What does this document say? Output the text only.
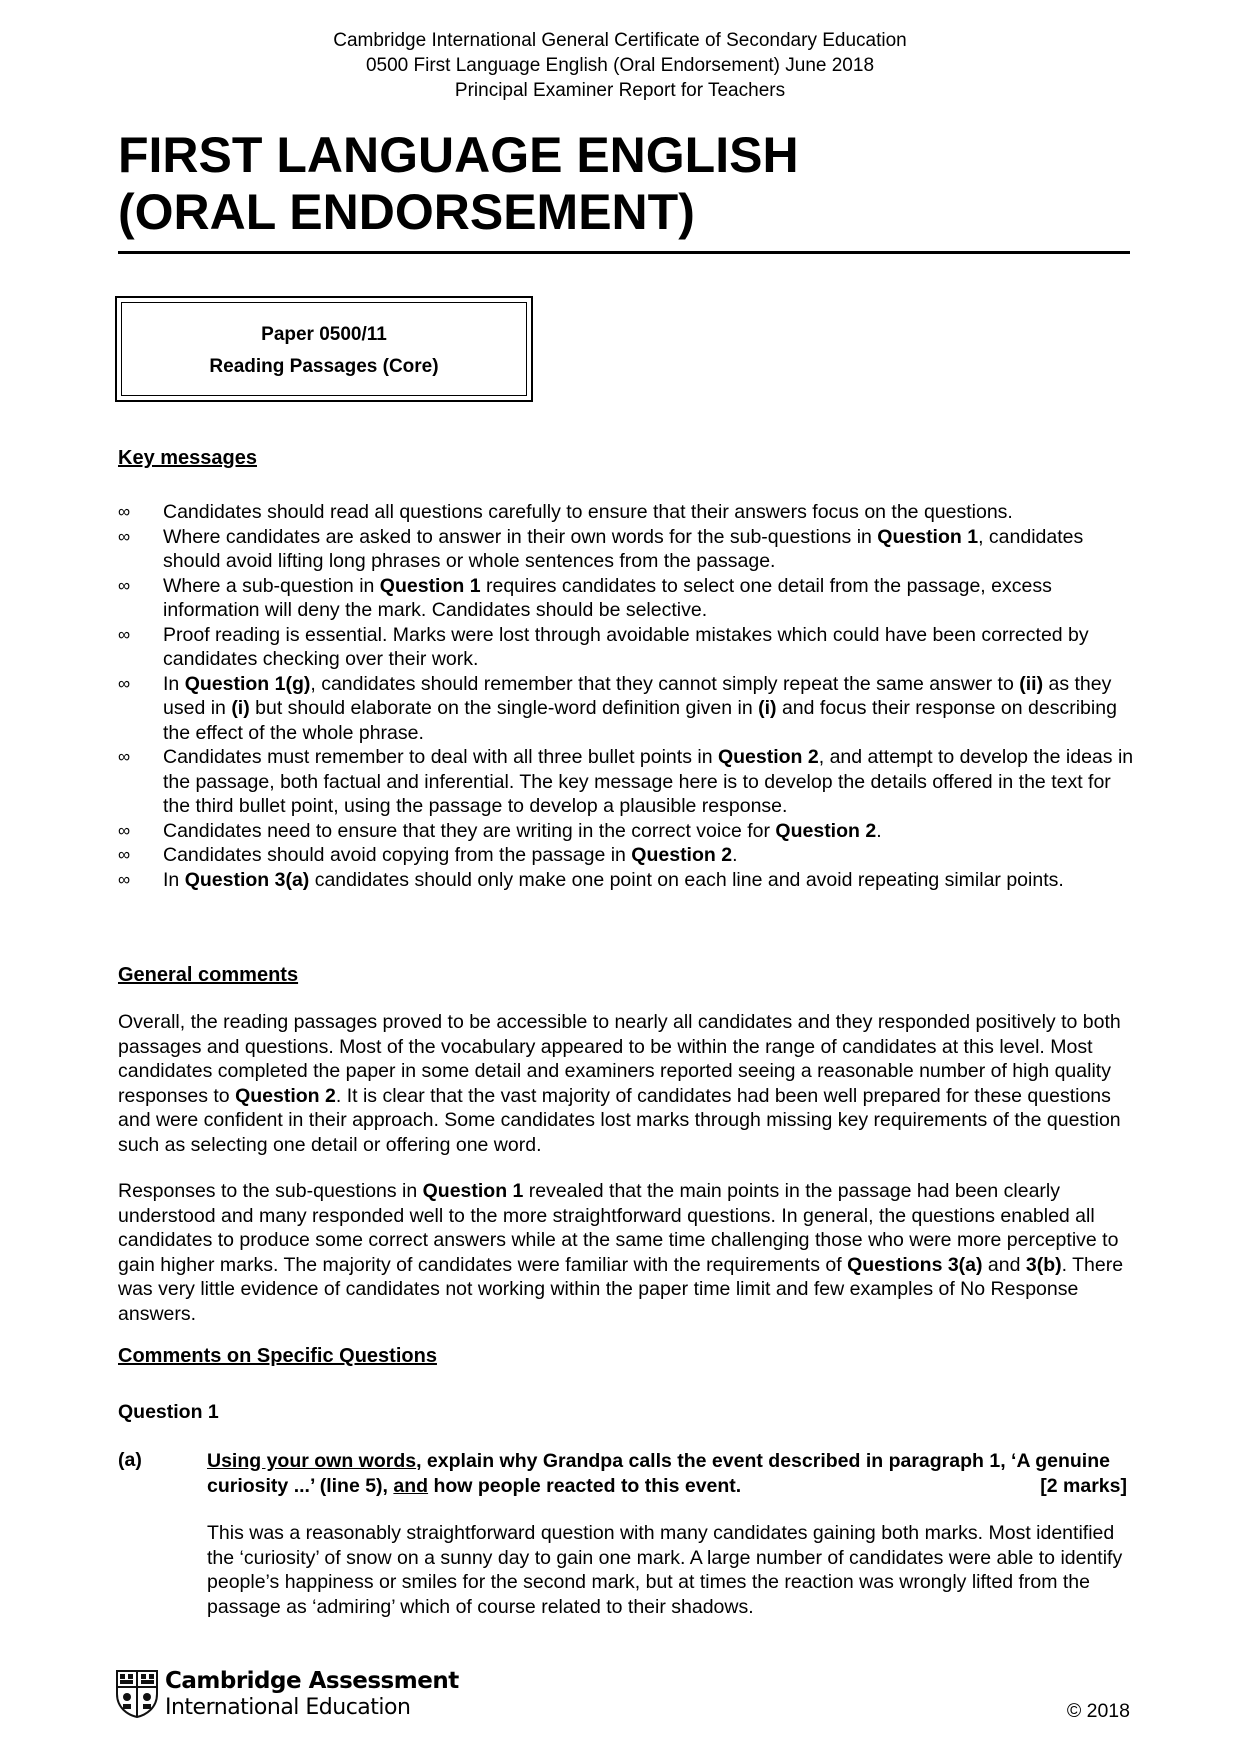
Cambridge International General Certificate of Secondary Education
0500 First Language English (Oral Endorsement) June 2018
Principal Examiner Report for Teachers
FIRST LANGUAGE ENGLISH
(ORAL ENDORSEMENT)
Paper 0500/11
Reading Passages (Core)
Key messages
∞ Candidates should read all questions carefully to ensure that their answers focus on the questions.
∞ Where candidates are asked to answer in their own words for the sub-questions in Question 1, candidates should avoid lifting long phrases or whole sentences from the passage.
∞ Where a sub-question in Question 1 requires candidates to select one detail from the passage, excess information will deny the mark. Candidates should be selective.
∞ Proof reading is essential. Marks were lost through avoidable mistakes which could have been corrected by candidates checking over their work.
∞ In Question 1(g), candidates should remember that they cannot simply repeat the same answer to (ii) as they used in (i) but should elaborate on the single-word definition given in (i) and focus their response on describing the effect of the whole phrase.
∞ Candidates must remember to deal with all three bullet points in Question 2, and attempt to develop the ideas in the passage, both factual and inferential. The key message here is to develop the details offered in the text for the third bullet point, using the passage to develop a plausible response.
∞ Candidates need to ensure that they are writing in the correct voice for Question 2.
∞ Candidates should avoid copying from the passage in Question 2.
∞ In Question 3(a) candidates should only make one point on each line and avoid repeating similar points.
General comments

Overall, the reading passages proved to be accessible to nearly all candidates and they responded positively to both passages and questions. Most of the vocabulary appeared to be within the range of candidates at this level. Most candidates completed the paper in some detail and examiners reported seeing a reasonable number of high quality responses to Question 2. It is clear that the vast majority of candidates had been well prepared for these questions and were confident in their approach. Some candidates lost marks through missing key requirements of the question such as selecting one detail or offering one word.

Responses to the sub-questions in Question 1 revealed that the main points in the passage had been clearly understood and many responded well to the more straightforward questions. In general, the questions enabled all candidates to produce some correct answers while at the same time challenging those who were more perceptive to gain higher marks. The majority of candidates were familiar with the requirements of Questions 3(a) and 3(b). There was very little evidence of candidates not working within the paper time limit and few examples of No Response answers.

Comments on Specific Questions
Question 1
(a)	Using your own words, explain why Grandpa calls the event described in paragraph 1, ‘A genuine curiosity ...’ (line 5), and how people reacted to this event.	[2 marks]

This was a reasonably straightforward question with many candidates gaining both marks. Most identified the ‘curiosity’ of snow on a sunny day to gain one mark. A large number of candidates were able to identify people’s happiness or smiles for the second mark, but at times the reaction was wrongly lifted from the passage as ‘admiring’ which of course related to their shadows.

Cambridge Assessment
International Education	© 2018
